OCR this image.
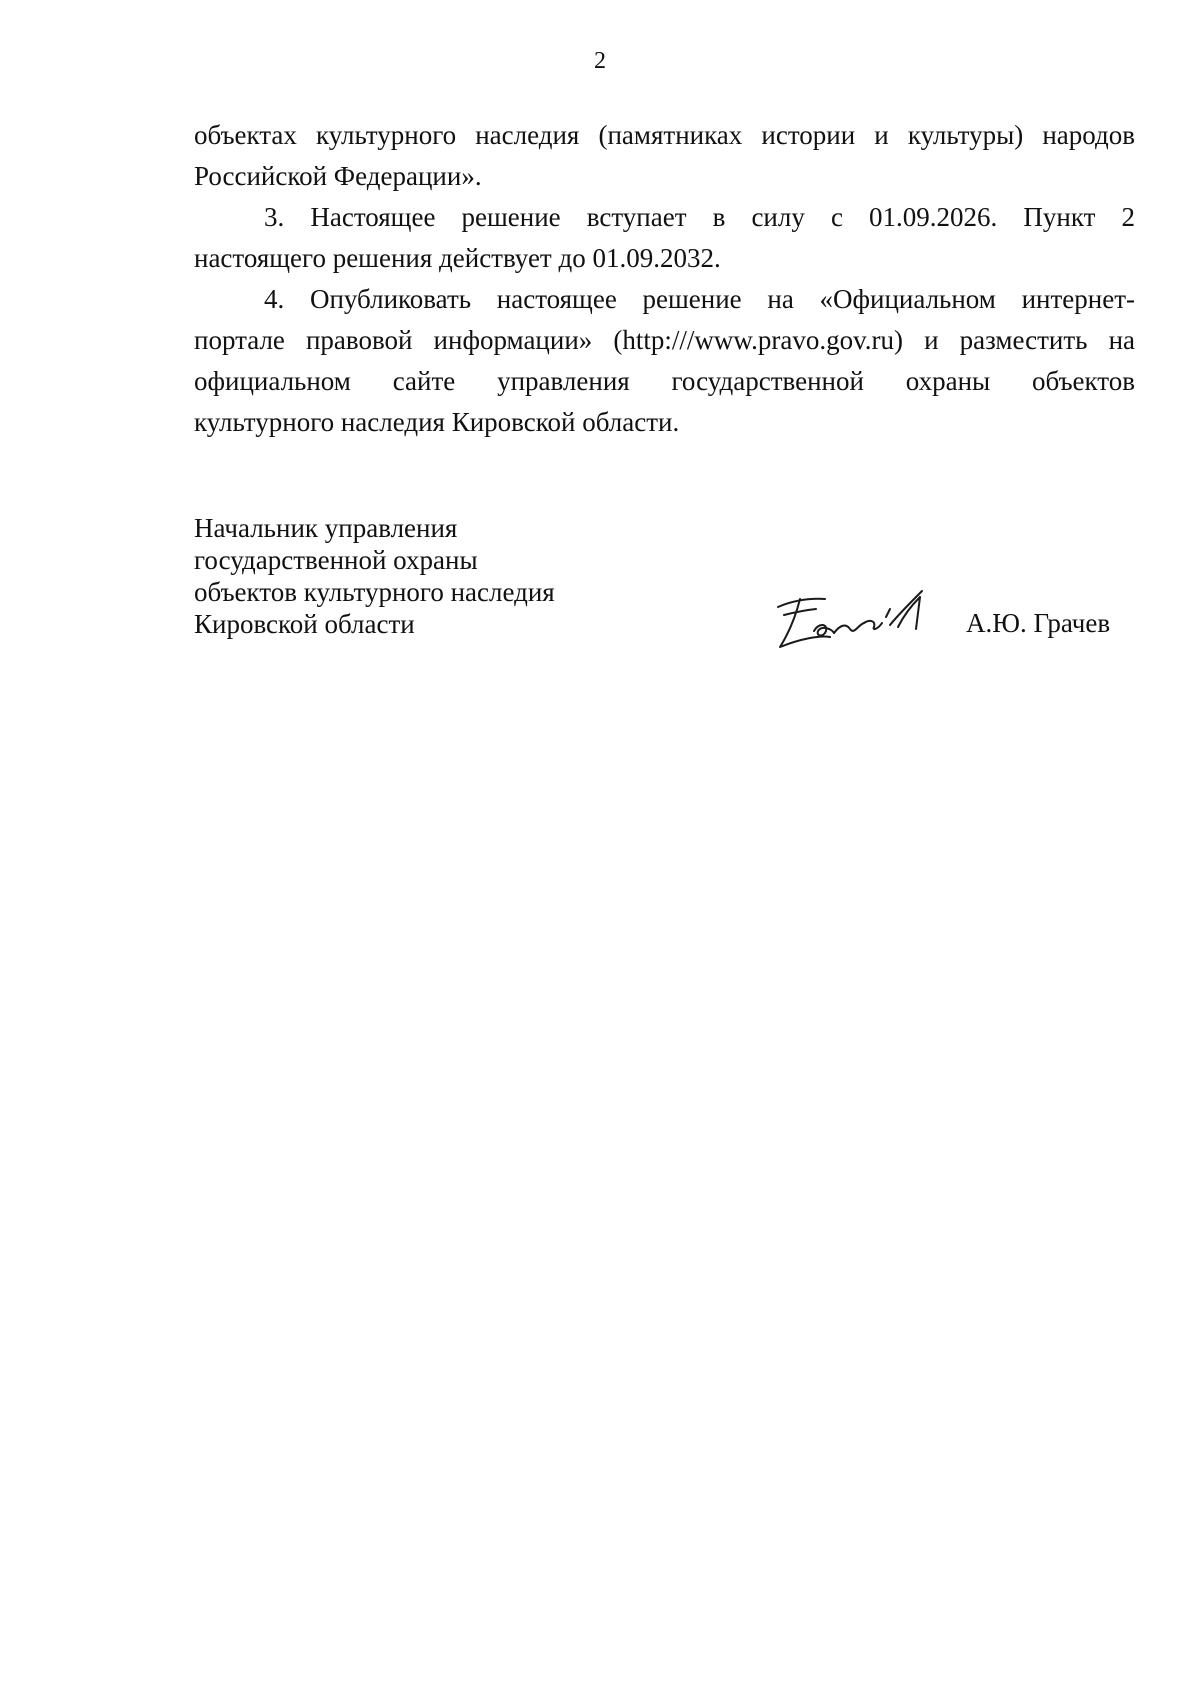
2
объектах культурного наследия (памятниках истории и культуры) народов
Российской Федерации».
3. Настоящее решение вступает в силу с 01.09.2026. Пункт 2
настоящего решения действует до 01.09.2032.
4. Опубликовать настоящее решение на «Официальном интернет-
портале правовой информации» (http:///www.pravo.gov.ru) и разместить на
официальном сайте управления государственной охраны объектов
культурного наследия Кировской области.
Начальник управления
государственной охраны
объектов культурного наследия
Кировской области	А.Ю. Грачев
